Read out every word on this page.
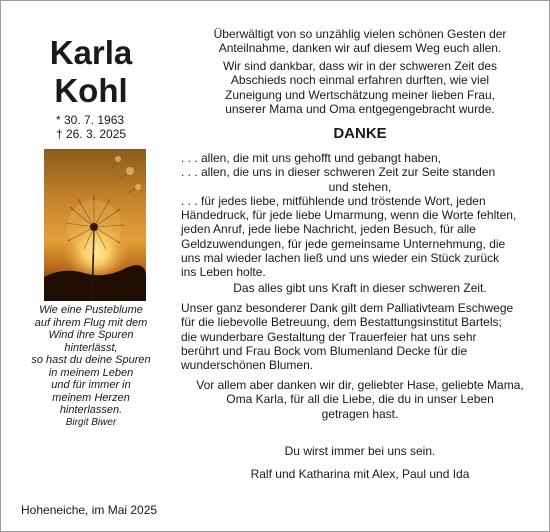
Karla
Kohl
* 30. 7. 1963
† 26. 3. 2025
Wie eine Pusteblume
auf ihrem Flug mit dem
Wind ihre Spuren
hinterlässt,
so hast du deine Spuren
in meinem Leben
und für immer in
meinem Herzen
hinterlassen.
Birgit Biwer
Hoheneiche, im Mai 2025
Überwältigt von so unzählig vielen schönen Gesten der
Anteilnahme, danken wir auf diesem Weg euch allen.
Wir sind dankbar, dass wir in der schweren Zeit des
Abschieds noch einmal erfahren durften, wie viel
Zuneigung und Wertschätzung meiner lieben Frau,
unserer Mama und Oma entgegengebracht wurde.
DANKE
. . . allen, die mit uns gehofft und gebangt haben,
. . . allen, die uns in dieser schweren Zeit zur Seite standen
und stehen,
. . . für jedes liebe, mitfühlende und tröstende Wort, jeden
Händedruck, für jede liebe Umarmung, wenn die Worte fehlten,
jeden Anruf, jede liebe Nachricht, jeden Besuch, für alle
Geldzuwendungen, für jede gemeinsame Unternehmung, die
uns mal wieder lachen ließ und uns wieder ein Stück zurück
ins Leben holte.
Das alles gibt uns Kraft in dieser schweren Zeit.
Unser ganz besonderer Dank gilt dem Palliativteam Eschwege
für die liebevolle Betreuung, dem Bestattungsinstitut Bartels;
die wunderbare Gestaltung der Trauerfeier hat uns sehr
berührt und Frau Bock vom Blumenland Decke für die
wunderschönen Blumen.
Vor allem aber danken wir dir, geliebter Hase, geliebte Mama,
Oma Karla, für all die Liebe, die du in unser Leben
getragen hast.
Du wirst immer bei uns sein.
Ralf und Katharina mit Alex, Paul und Ida
